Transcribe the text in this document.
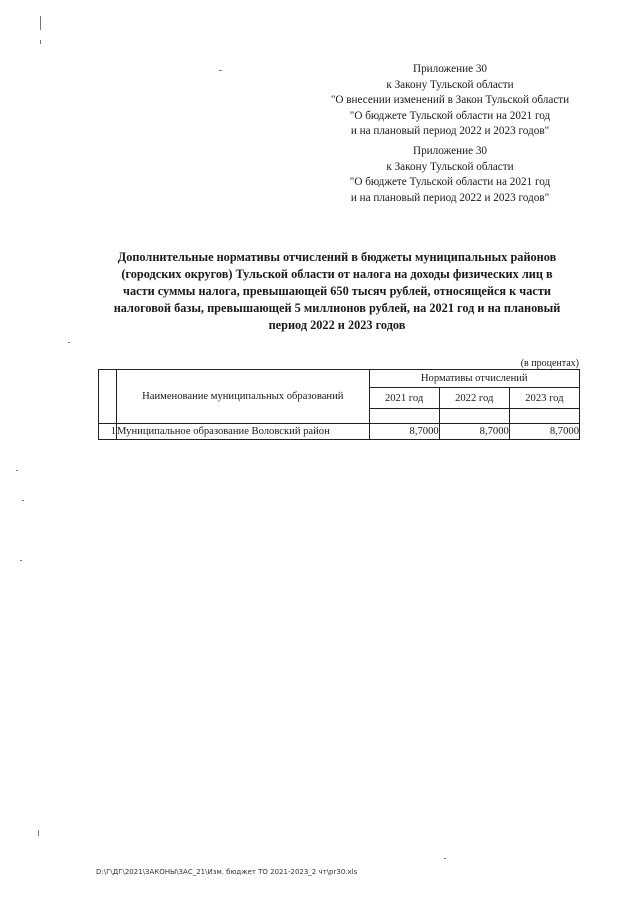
Приложение 30
к Закону Тульской области
"О внесении изменений в Закон Тульской области
"О бюджете Тульской области на 2021 год
и на плановый период 2022 и 2023 годов"
Приложение 30
к Закону Тульской области
"О бюджете Тульской области на 2021 год
и на плановый период 2022 и 2023 годов"
Дополнительные нормативы отчислений в бюджеты муниципальных районов
(городских округов) Тульской области от налога на доходы физических лиц в
части суммы налога, превышающей 650 тысяч рублей, относящейся к части
налоговой базы, превышающей 5 миллионов рублей, на 2021 год и на плановый
период 2022 и 2023 годов
(в процентах)
	Наименование муниципальных образований	Нормативы отчислений		
		2021 год	2022 год	2023 год

1	Муниципальное образование Воловский район	8,7000	8,7000	8,7000
D:\Г\ДГ\2021\ЗАКОНЫ\ЗАС_21\Изм. бюджет ТО 2021-2023_2 чт\pr30.xls
